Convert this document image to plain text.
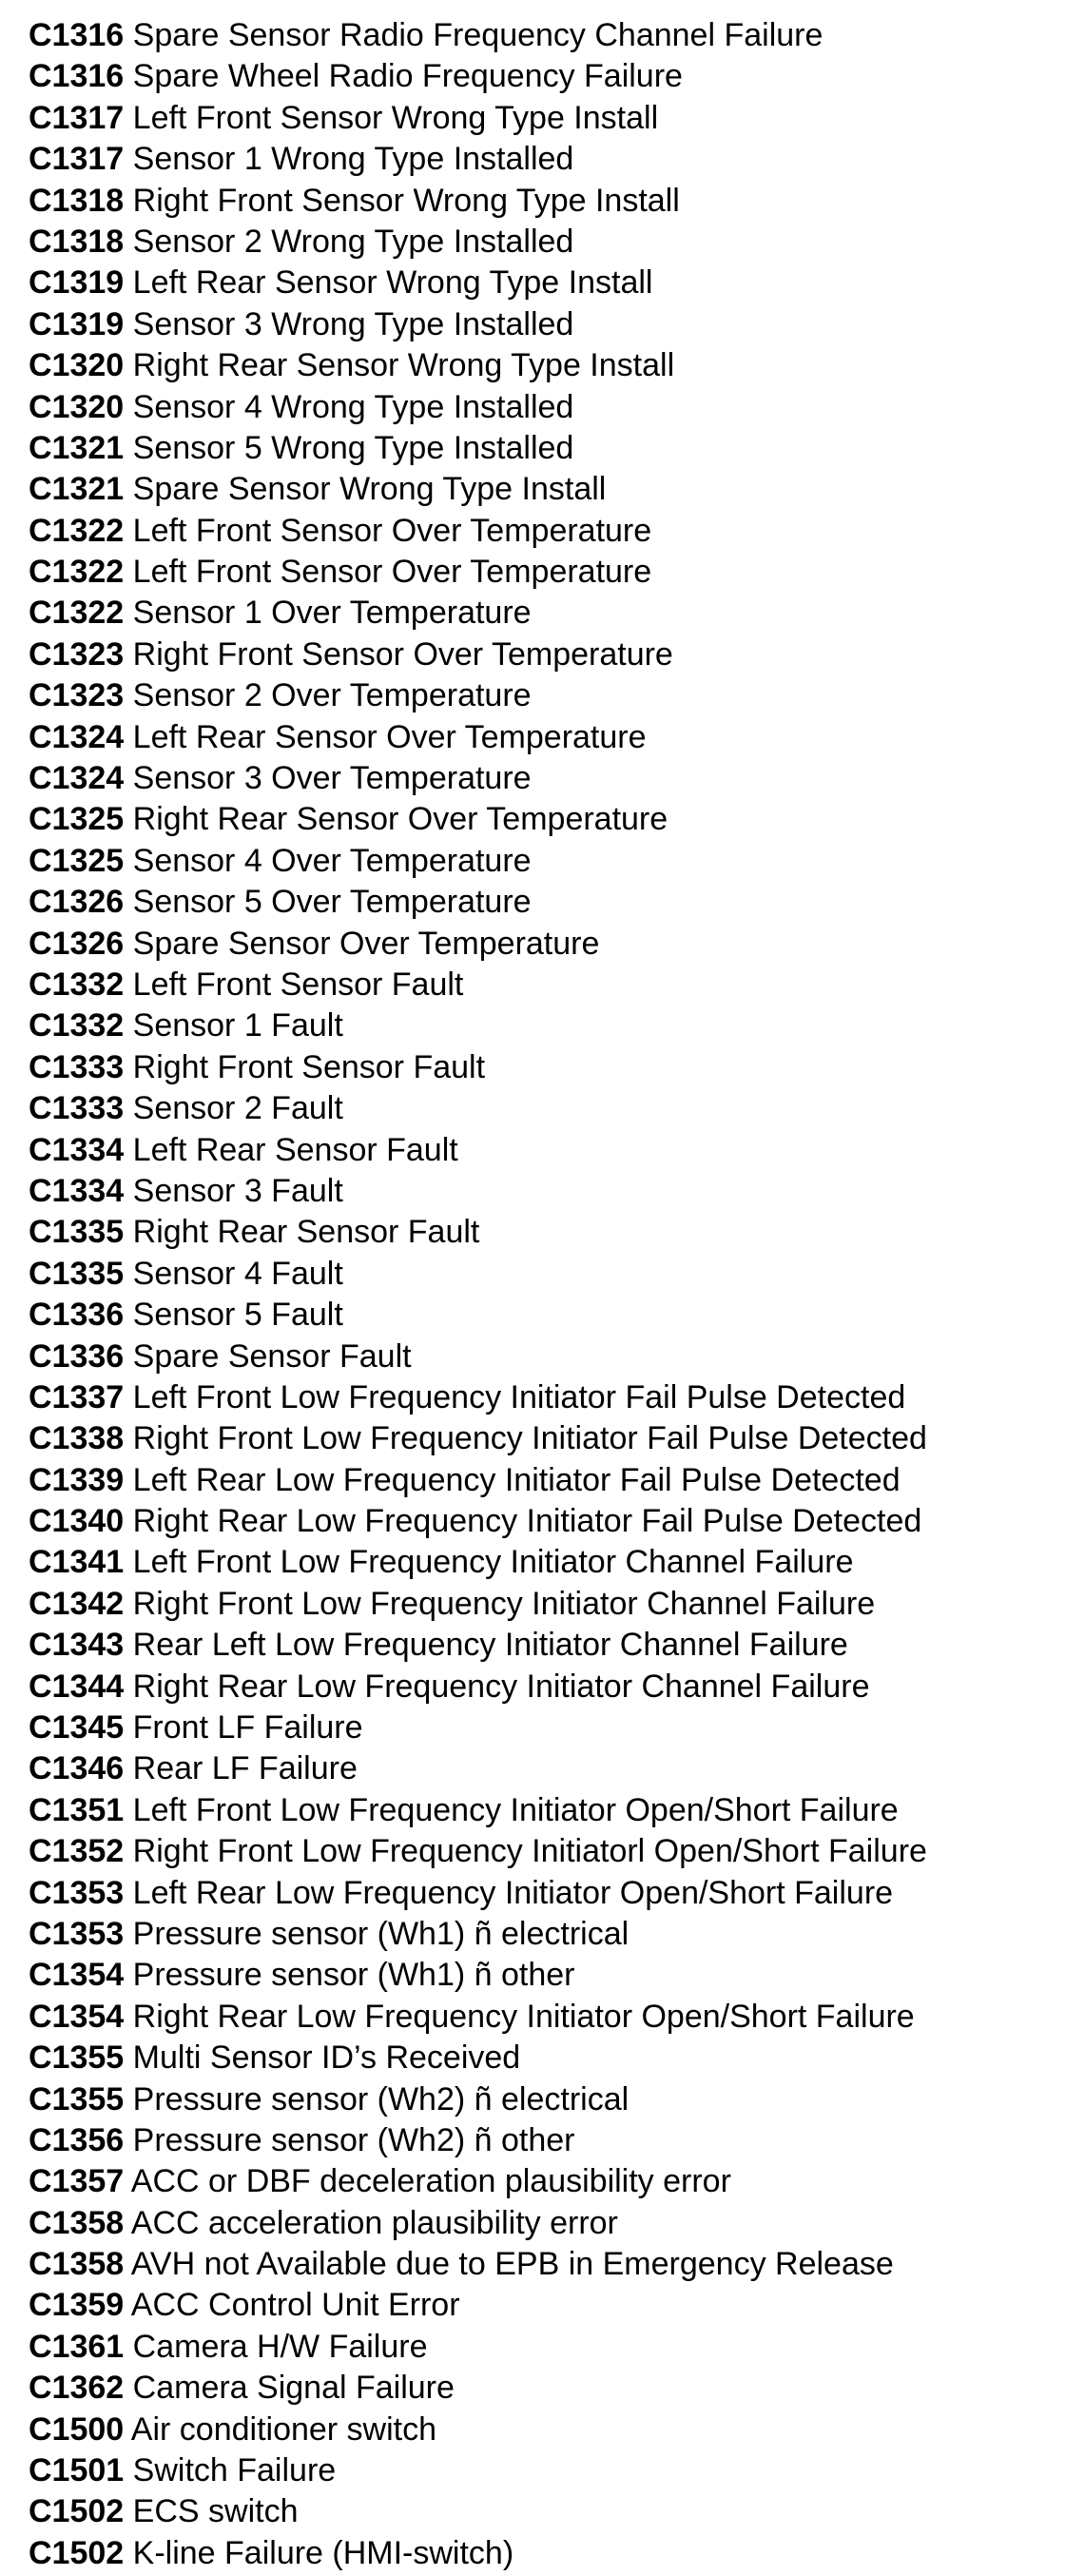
C1316 Spare Sensor Radio Frequency Channel Failure
C1316 Spare Wheel Radio Frequency Failure
C1317 Left Front Sensor Wrong Type Install
C1317 Sensor 1 Wrong Type Installed
C1318 Right Front Sensor Wrong Type Install
C1318 Sensor 2 Wrong Type Installed
C1319 Left Rear Sensor Wrong Type Install
C1319 Sensor 3 Wrong Type Installed
C1320 Right Rear Sensor Wrong Type Install
C1320 Sensor 4 Wrong Type Installed
C1321 Sensor 5 Wrong Type Installed
C1321 Spare Sensor Wrong Type Install
C1322 Left Front Sensor Over Temperature
C1322 Left Front Sensor Over Temperature
C1322 Sensor 1 Over Temperature
C1323 Right Front Sensor Over Temperature
C1323 Sensor 2 Over Temperature
C1324 Left Rear Sensor Over Temperature
C1324 Sensor 3 Over Temperature
C1325 Right Rear Sensor Over Temperature
C1325 Sensor 4 Over Temperature
C1326 Sensor 5 Over Temperature
C1326 Spare Sensor Over Temperature
C1332 Left Front Sensor Fault
C1332 Sensor 1 Fault
C1333 Right Front Sensor Fault
C1333 Sensor 2 Fault
C1334 Left Rear Sensor Fault
C1334 Sensor 3 Fault
C1335 Right Rear Sensor Fault
C1335 Sensor 4 Fault
C1336 Sensor 5 Fault
C1336 Spare Sensor Fault
C1337 Left Front Low Frequency Initiator Fail Pulse Detected
C1338 Right Front Low Frequency Initiator Fail Pulse Detected
C1339 Left Rear Low Frequency Initiator Fail Pulse Detected
C1340 Right Rear Low Frequency Initiator Fail Pulse Detected
C1341 Left Front Low Frequency Initiator Channel Failure
C1342 Right Front Low Frequency Initiator Channel Failure
C1343 Rear Left Low Frequency Initiator Channel Failure
C1344 Right Rear Low Frequency Initiator Channel Failure
C1345 Front LF Failure
C1346 Rear LF Failure
C1351 Left Front Low Frequency Initiator Open/Short Failure
C1352 Right Front Low Frequency Initiatorl Open/Short Failure
C1353 Left Rear Low Frequency Initiator Open/Short Failure
C1353 Pressure sensor (Wh1) ñ electrical
C1354 Pressure sensor (Wh1) ñ other
C1354 Right Rear Low Frequency Initiator Open/Short Failure
C1355 Multi Sensor ID’s Received
C1355 Pressure sensor (Wh2) ñ electrical
C1356 Pressure sensor (Wh2) ñ other
C1357 ACC or DBF deceleration plausibility error
C1358 ACC acceleration plausibility error
C1358 AVH not Available due to EPB in Emergency Release
C1359 ACC Control Unit Error
C1361 Camera H/W Failure
C1362 Camera Signal Failure
C1500 Air conditioner switch
C1501 Switch Failure
C1502 ECS switch
C1502 K-line Failure (HMI-switch)
